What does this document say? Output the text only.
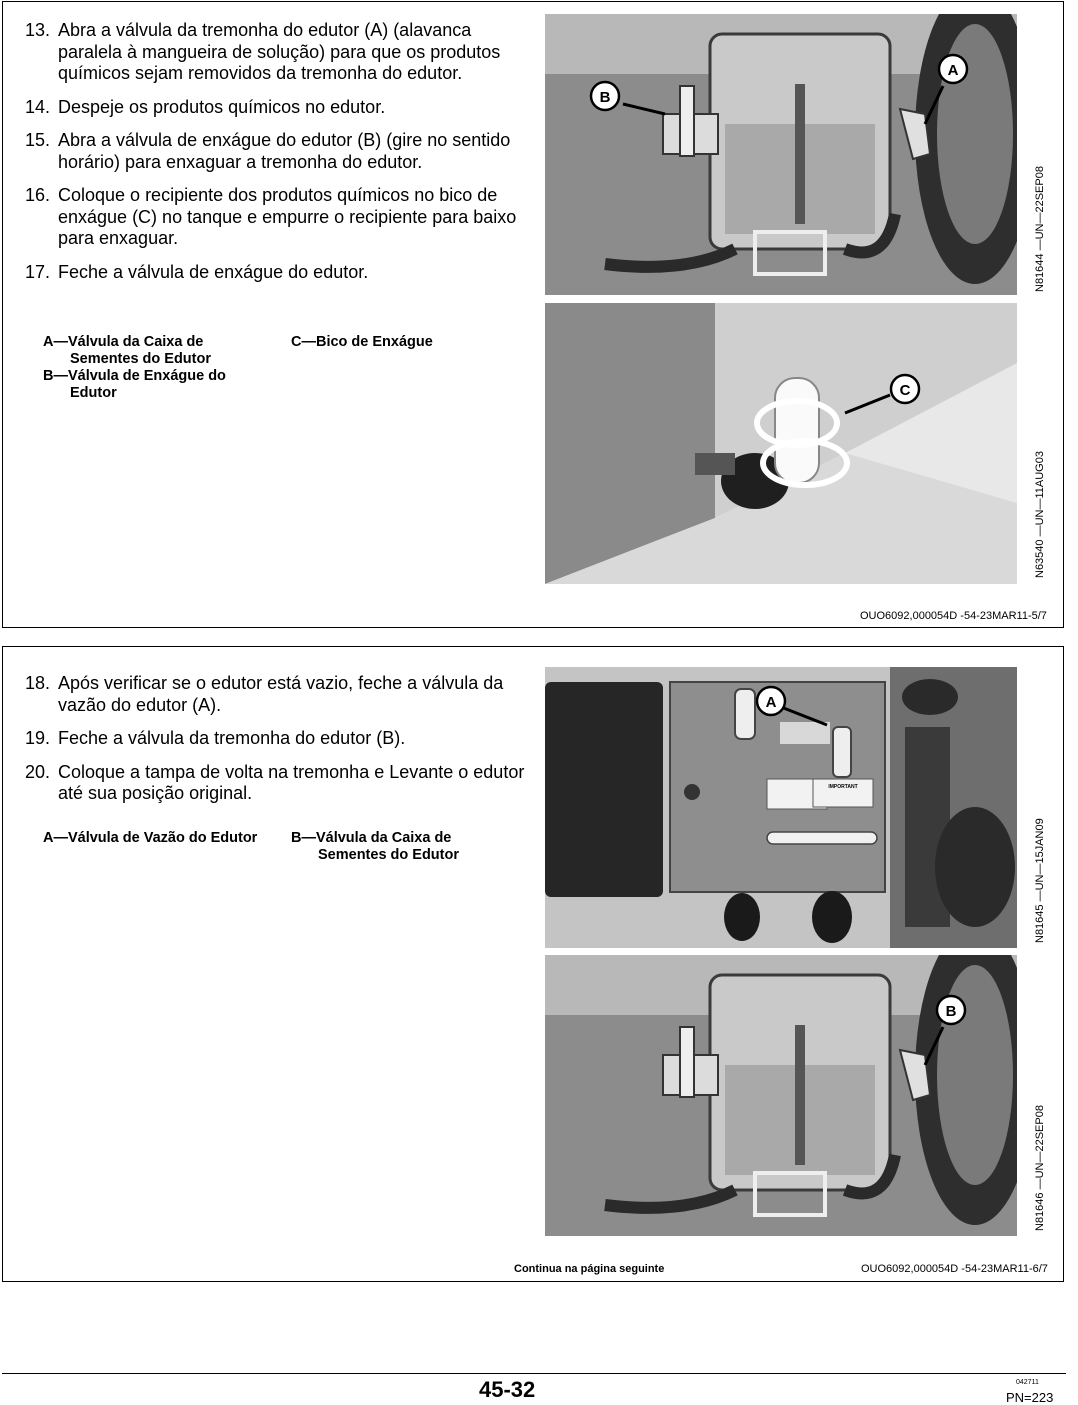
13. Abra a válvula da tremonha do edutor (A) (alavanca paralela à mangueira de solução) para que os produtos químicos sejam removidos da tremonha do edutor.
14. Despeje os produtos químicos no edutor.
15. Abra a válvula de enxágue do edutor (B) (gire no sentido horário) para enxaguar a tremonha do edutor.
16. Coloque o recipiente dos produtos químicos no bico de enxágue (C) no tanque e empurre o recipiente para baixo para enxaguar.
17. Feche a válvula de enxágue do edutor.
A—Válvula da Caixa de
Sementes do Edutor
B—Válvula de Enxágue do
Edutor
C—Bico de Enxágue
B
A
N81644 —UN—22SEP08
C
N63540 —UN—11AUG03
OUO6092,000054D -54-23MAR11-5/7
18. Após verificar se o edutor está vazio, feche a válvula da vazão do edutor (A).
19. Feche a válvula da tremonha do edutor (B).
20. Coloque a tampa de volta na tremonha e Levante o edutor até sua posição original.
A—Válvula de Vazão do Edutor B—Válvula da Caixa de
Sementes do Edutor
IMPORTANT
A
N81645 —UN—15JAN09
B
N81646 —UN—22SEP08
Continua na página seguinte	OUO6092,000054D -54-23MAR11-6/7
45-32	042711
PN=223
